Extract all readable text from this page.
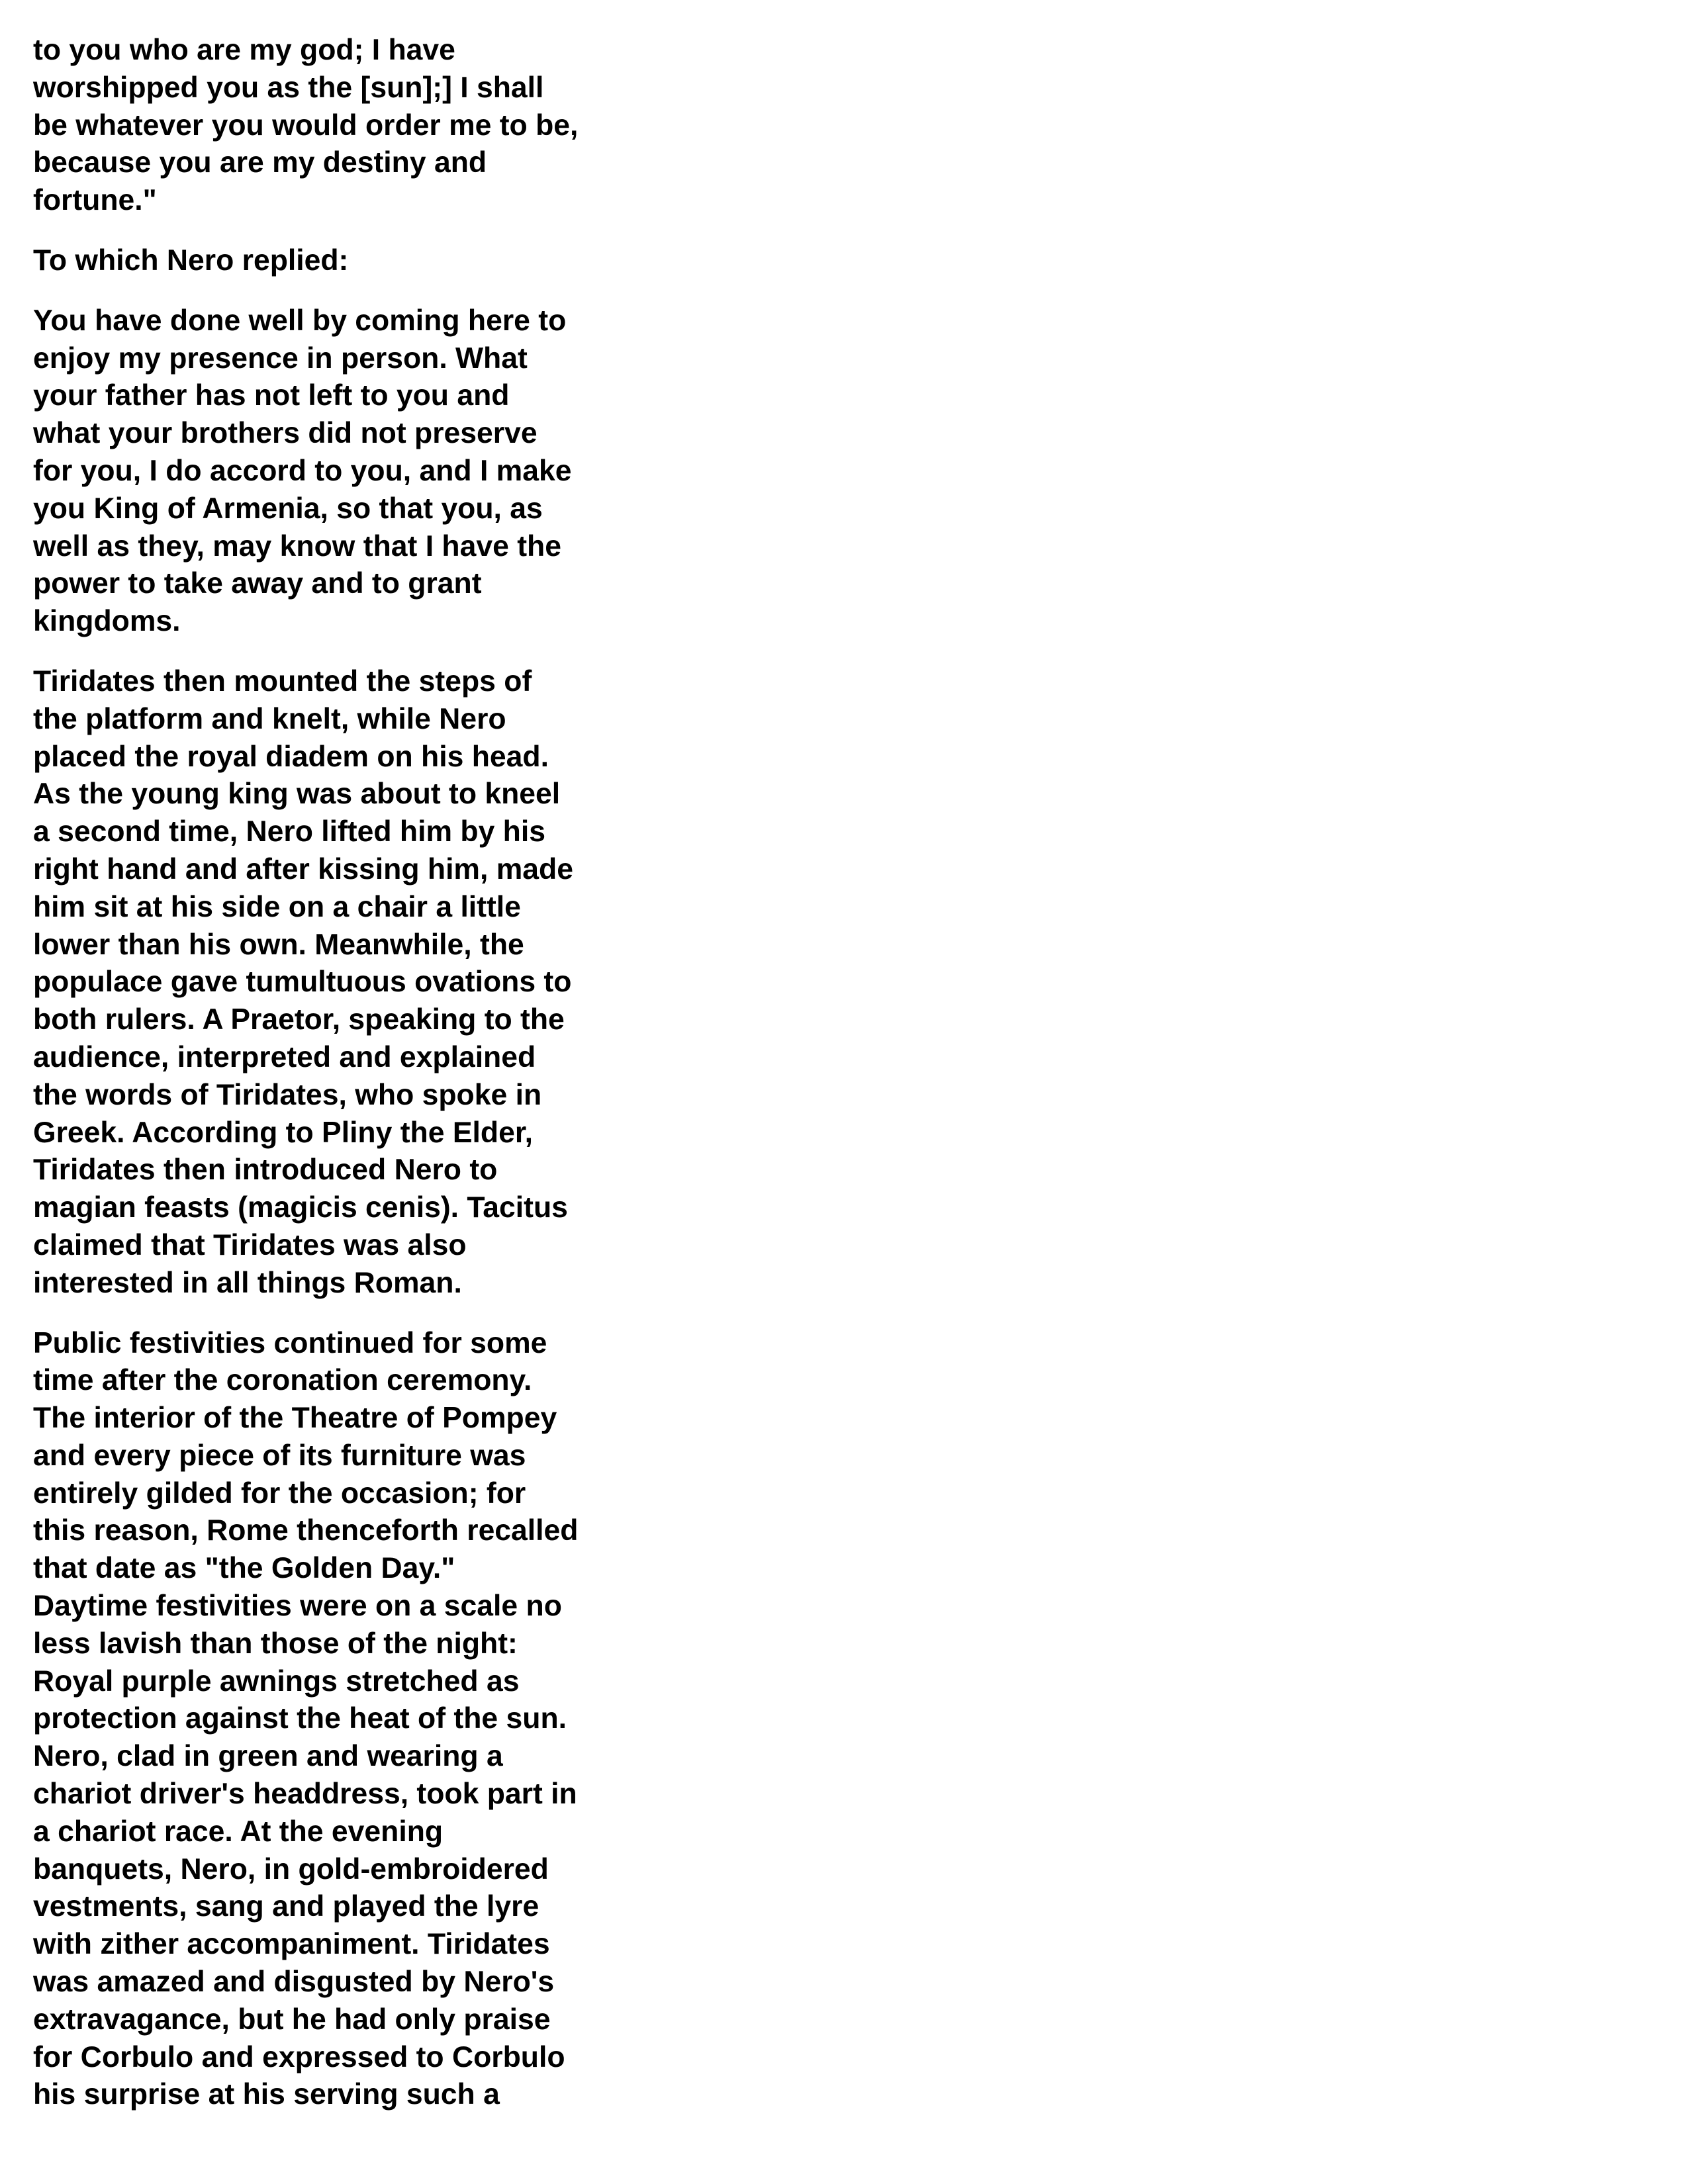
to you who are my god; I have
worshipped you as the [sun];] I shall
be whatever you would order me to be,
because you are my destiny and
fortune."

To which Nero replied:

You have done well by coming here to
enjoy my presence in person. What
your father has not left to you and
what your brothers did not preserve
for you, I do accord to you, and I make
you King of Armenia, so that you, as
well as they, may know that I have the
power to take away and to grant
kingdoms.

Tiridates then mounted the steps of
the platform and knelt, while Nero
placed the royal diadem on his head.
As the young king was about to kneel
a second time, Nero lifted him by his
right hand and after kissing him, made
him sit at his side on a chair a little
lower than his own. Meanwhile, the
populace gave tumultuous ovations to
both rulers. A Praetor, speaking to the
audience, interpreted and explained
the words of Tiridates, who spoke in
Greek. According to Pliny the Elder,
Tiridates then introduced Nero to
magian feasts (magicis cenis). Tacitus
claimed that Tiridates was also
interested in all things Roman.

Public festivities continued for some
time after the coronation ceremony.
The interior of the Theatre of Pompey
and every piece of its furniture was
entirely gilded for the occasion; for
this reason, Rome thenceforth recalled
that date as "the Golden Day."
Daytime festivities were on a scale no
less lavish than those of the night:
Royal purple awnings stretched as
protection against the heat of the sun.
Nero, clad in green and wearing a
chariot driver's headdress, took part in
a chariot race. At the evening
banquets, Nero, in gold-embroidered
vestments, sang and played the lyre
with zither accompaniment. Tiridates
was amazed and disgusted by Nero's
extravagance, but he had only praise
for Corbulo and expressed to Corbulo
his surprise at his serving such a
